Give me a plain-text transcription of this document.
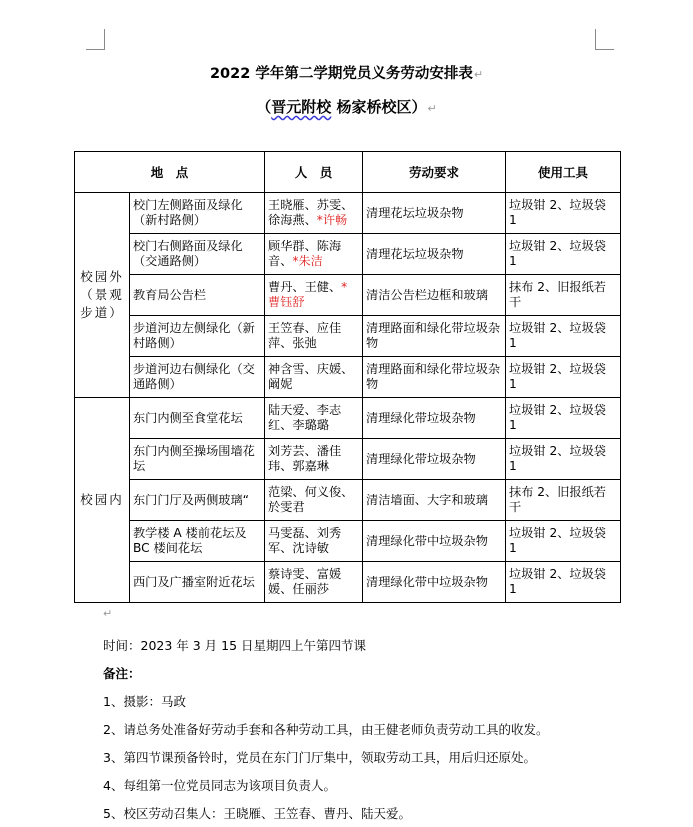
2022 学年第二学期党员义务劳动安排表↵
（晋元附校 杨家桥校区）↵
地　点		人　员	劳动要求	使用工具
校园外（景观步道）	校门左侧路面及绿化（新村路侧）	王晓雁、苏雯、徐海燕、*许畅	清理花坛垃圾杂物	垃圾钳 2、垃圾袋 1
	校门右侧路面及绿化（交通路侧）	顾华群、陈海音、*朱洁	清理花坛垃圾杂物	垃圾钳 2、垃圾袋 1
	教育局公告栏	曹丹、王健、*曹钰舒	清洁公告栏边框和玻璃	抹布 2、旧报纸若干
	步道河边左侧绿化（新村路侧）	王笠春、应佳萍、张弛	清理路面和绿化带垃圾杂物	垃圾钳 2、垃圾袋 1
	步道河边右侧绿化（交通路侧）	神含雪、庆媛、阚妮	清理路面和绿化带垃圾杂物	垃圾钳 2、垃圾袋 1
校园内	东门内侧至食堂花坛	陆天爱、李志红、李璐璐	清理绿化带垃圾杂物	垃圾钳 2、垃圾袋 1
	东门内侧至操场围墙花坛	刘芳芸、潘佳玮、郭嘉琳	清理绿化带垃圾杂物	垃圾钳 2、垃圾袋 1
	东门门厅及两侧玻璃“	范梁、何义俊、於雯君	清洁墙面、大字和玻璃	抹布 2、旧报纸若干
	教学楼 A 楼前花坛及 BC 楼间花坛	马雯磊、刘秀军、沈诗敏	清理绿化带中垃圾杂物	垃圾钳 2、垃圾袋 1
	西门及广播室附近花坛	蔡诗雯、富媛媛、任丽莎	清理绿化带中垃圾杂物	垃圾钳 2、垃圾袋 1
↵
时间：2023 年 3 月 15 日星期四上午第四节课
备注：
1、摄影：马政
2、请总务处准备好劳动手套和各种劳动工具，由王健老师负责劳动工具的收发。
3、第四节课预备铃时，党员在东门门厅集中，领取劳动工具，用后归还原处。
4、每组第一位党员同志为该项目负责人。
5、校区劳动召集人：王晓雁、王笠春、曹丹、陆天爱。
